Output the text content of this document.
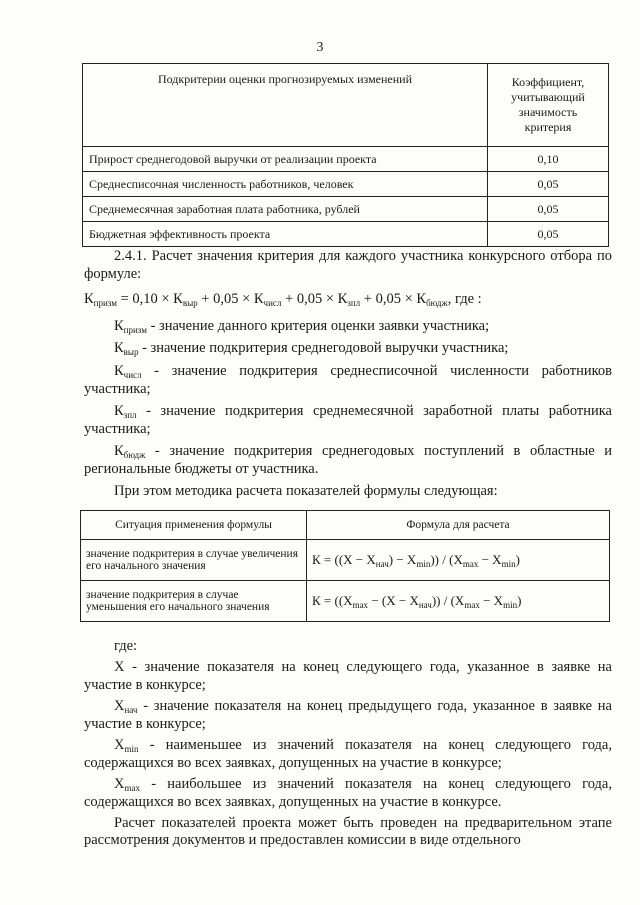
3
Подкритерии оценки прогнозируемых изменений	Коэффициент, учитывающий значимость критерия
Прирост среднегодовой выручки от реализации проекта	0,10
Среднесписочная численность работников, человек	0,05
Среднемесячная заработная плата работника, рублей	0,05
Бюджетная эффективность проекта	0,05

2.4.1. Расчет значения критерия для каждого участника конкурсного отбора по формуле:

$К_{призм} = 0,10 \times К_{выр} + 0,05 \times К_{числ} + 0,05 \times К_{зпл} + 0,05 \times К_{бюдж}$, где :

$К_{призм}$ - значение данного критерия оценки заявки участника;

$К_{выр}$ - значение подкритерия среднегодовой выручки участника;

$К_{числ}$ - значение подкритерия среднесписочной численности работников участника;

$К_{зпл}$ - значение подкритерия среднемесячной заработной платы работника участника;

$К_{бюдж}$ - значение подкритерия среднегодовых поступлений в областные и региональные бюджеты от участника.

При этом методика расчета показателей формулы следующая:

Ситуация применения формулы	Формула для расчета
значение подкритерия в случае увеличения его начального значения	$К = ((Х - Х_{нач}) - Х_{min})) / (Х_{max} - Х_{min})$
значение подкритерия в случае уменьшения его начального значения	$К = ((Х_{max} - (Х - Х_{нач})) / (Х_{max} - Х_{min})$

где:

Х - значение показателя на конец следующего года, указанное в заявке на участие в конкурсе;

$Х_{нач}$ - значение показателя на конец предыдущего года, указанное в заявке на участие в конкурсе;

$Х_{min}$ - наименьшее из значений показателя на конец следующего года, содержащихся во всех заявках, допущенных на участие в конкурсе;

$Х_{max}$ - наибольшее из значений показателя на конец следующего года, содержащихся во всех заявках, допущенных на участие в конкурсе.

Расчет показателей проекта может быть проведен на предварительном этапе рассмотрения документов и предоставлен комиссии в виде отдельного
